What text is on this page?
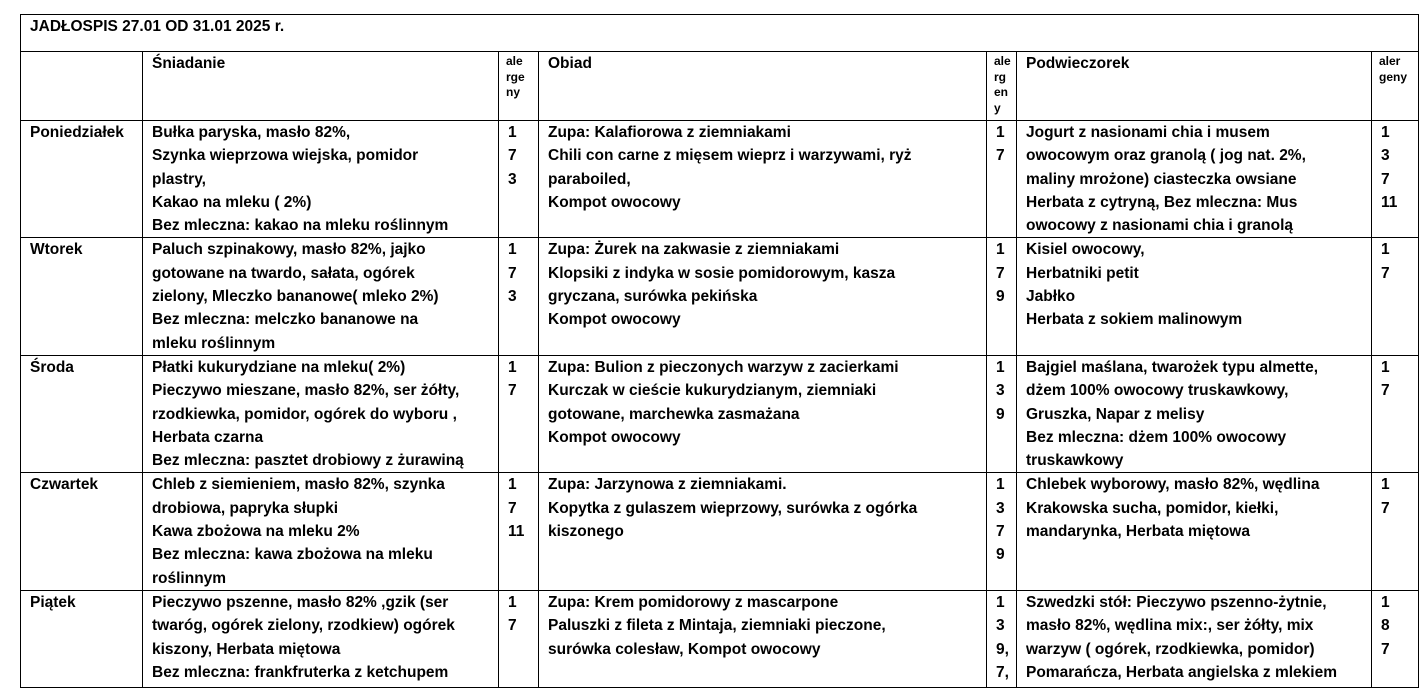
JADŁOSPIS 27.01 OD 31.01 2025 r.						
	Śniadanie	ale
rge
ny	Obiad	ale
rg
en
y	Podwieczorek	aler
geny

Poniedziałek	Bułka paryska, masło 82%,
Szynka wieprzowa wiejska, pomidor
plastry,
Kakao na mleku ( 2%)
Bez mleczna: kakao na mleku roślinnym	1
7
3	Zupa: Kalafiorowa z ziemniakami
Chili con carne z mięsem wieprz i warzywami, ryż
paraboiled,
Kompot owocowy	1
7	Jogurt z nasionami chia i musem
owocowym oraz granolą ( jog nat. 2%,
maliny mrożone) ciasteczka owsiane
Herbata z cytryną, Bez mleczna: Mus
owocowy z nasionami chia i granolą	1
3
7
11

Wtorek	Paluch szpinakowy, masło 82%, jajko
gotowane na twardo, sałata, ogórek
zielony, Mleczko bananowe( mleko 2%)
Bez mleczna: melczko bananowe na
mleku roślinnym	1
7
3	Zupa: Żurek na zakwasie z ziemniakami
Klopsiki z indyka w sosie pomidorowym, kasza
gryczana, surówka pekińska
Kompot owocowy	1
7
9	Kisiel owocowy,
Herbatniki petit
Jabłko
Herbata z sokiem malinowym	1
7

Środa	Płatki kukurydziane na mleku( 2%)
Pieczywo mieszane, masło 82%, ser żółty,
rzodkiewka, pomidor, ogórek do wyboru ,
Herbata czarna
Bez mleczna: pasztet drobiowy z żurawiną	1
7	Zupa: Bulion z pieczonych warzyw z zacierkami
Kurczak w cieście kukurydzianym, ziemniaki
gotowane, marchewka zasmażana
Kompot owocowy	1
3
9	Bajgiel maślana, twarożek typu almette,
dżem 100% owocowy truskawkowy,
Gruszka, Napar z melisy
Bez mleczna: dżem 100% owocowy
truskawkowy	1
7

Czwartek	Chleb z siemieniem, masło 82%, szynka
drobiowa, papryka słupki
Kawa zbożowa na mleku 2%
Bez mleczna: kawa zbożowa na mleku
roślinnym	1
7
11	Zupa: Jarzynowa z ziemniakami.
Kopytka z gulaszem wieprzowy, surówka z ogórka
kiszonego	1
3
7
9	Chlebek wyborowy, masło 82%, wędlina
Krakowska sucha, pomidor, kiełki,
mandarynka, Herbata miętowa	1
7

Piątek	Pieczywo pszenne, masło 82% ,gzik (ser
twaróg, ogórek zielony, rzodkiew) ogórek
kiszony, Herbata miętowa
Bez mleczna: frankfruterka z ketchupem	1
7	Zupa: Krem pomidorowy z mascarpone
Paluszki z fileta z Mintaja, ziemniaki pieczone,
surówka colesław, Kompot owocowy	1
3
9,
7,	Szwedzki stół: Pieczywo pszenno-żytnie,
masło 82%, wędlina mix:, ser żółty, mix
warzyw ( ogórek, rzodkiewka, pomidor)
Pomarańcza, Herbata angielska z mlekiem	1
8
7
